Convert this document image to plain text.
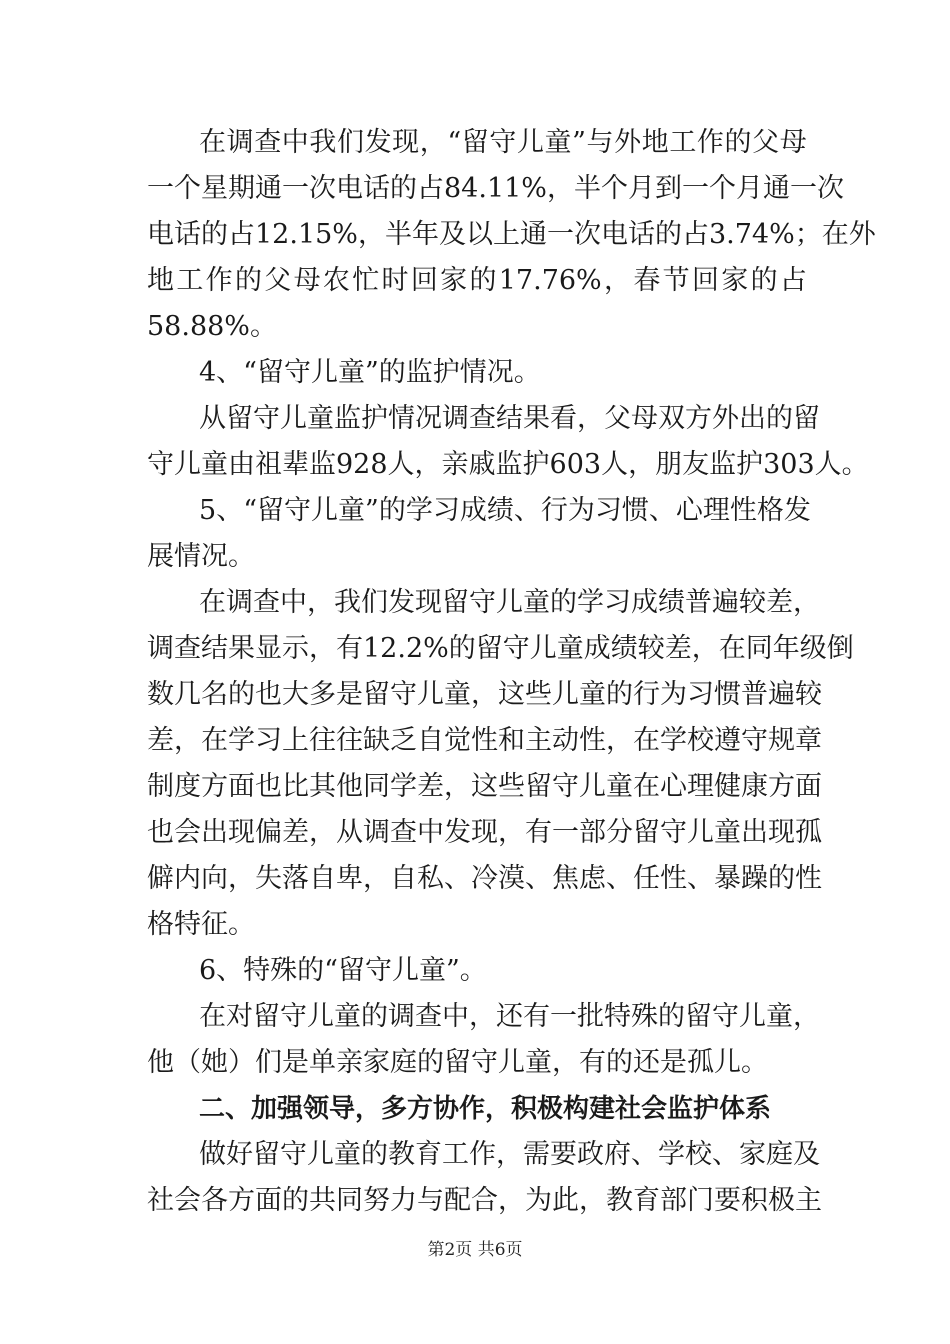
在 调 查 中 我 们 发 现 ， “ 留 守 儿 童 ” 与 外 地 工 作 的 父 母
一 个 星 期 通 一 次 电 话 的 占 84.11% ， 半 个 月 到 一 个 月 通 一 次
电 话 的 占 12.15% ， 半 年 及 以 上 通 一 次 电 话 的 占 3.74% ； 在 外
地 工 作 的 父 母 农 忙 时 回 家 的 17.76% ， 春 节 回 家 的 占
58.88%。
4、“留守儿童”的监护情况。
从 留 守 儿 童 监 护 情 况 调 查 结 果 看 ， 父 母 双 方 外 出 的 留
守 儿 童 由 祖 辈 监 928 人 ， 亲 戚 监 护 603 人 ， 朋 友 监 护 303 人 。
5 、 “ 留 守 儿 童 ” 的 学 习 成 绩 、 行 为 习 惯 、 心 理 性 格 发
展情况。
在 调 查 中 ， 我 们 发 现 留 守 儿 童 的 学 习 成 绩 普 遍 较 差 ，
调 查 结 果 显 示 ， 有 12.2% 的 留 守 儿 童 成 绩 较 差 ， 在 同 年 级 倒
数 几 名 的 也 大 多 是 留 守 儿 童 ， 这 些 儿 童 的 行 为 习 惯 普 遍 较
差 ， 在 学 习 上 往 往 缺 乏 自 觉 性 和 主 动 性 ， 在 学 校 遵 守 规 章
制 度 方 面 也 比 其 他 同 学 差 ， 这 些 留 守 儿 童 在 心 理 健 康 方 面
也 会 出 现 偏 差 ， 从 调 查 中 发 现 ， 有 一 部 分 留 守 儿 童 出 现 孤
僻 内 向 ， 失 落 自 卑 ， 自 私 、 冷 漠 、 焦 虑 、 任 性 、 暴 躁 的 性
格特征。
6、特殊的“留守儿童”。
在 对 留 守 儿 童 的 调 查 中 ， 还 有 一 批 特 殊 的 留 守 儿 童 ，
他（她）们是单亲家庭的留守儿童，有的还是孤儿。
二、加强领导，多方协作，积极构建社会监护体系
做 好 留 守 儿 童 的 教 育 工 作 ， 需 要 政 府 、 学 校 、 家 庭 及
社 会 各 方 面 的 共 同 努 力 与 配 合 ， 为 此 ， 教 育 部 门 要 积 极 主
第2页 共6页
